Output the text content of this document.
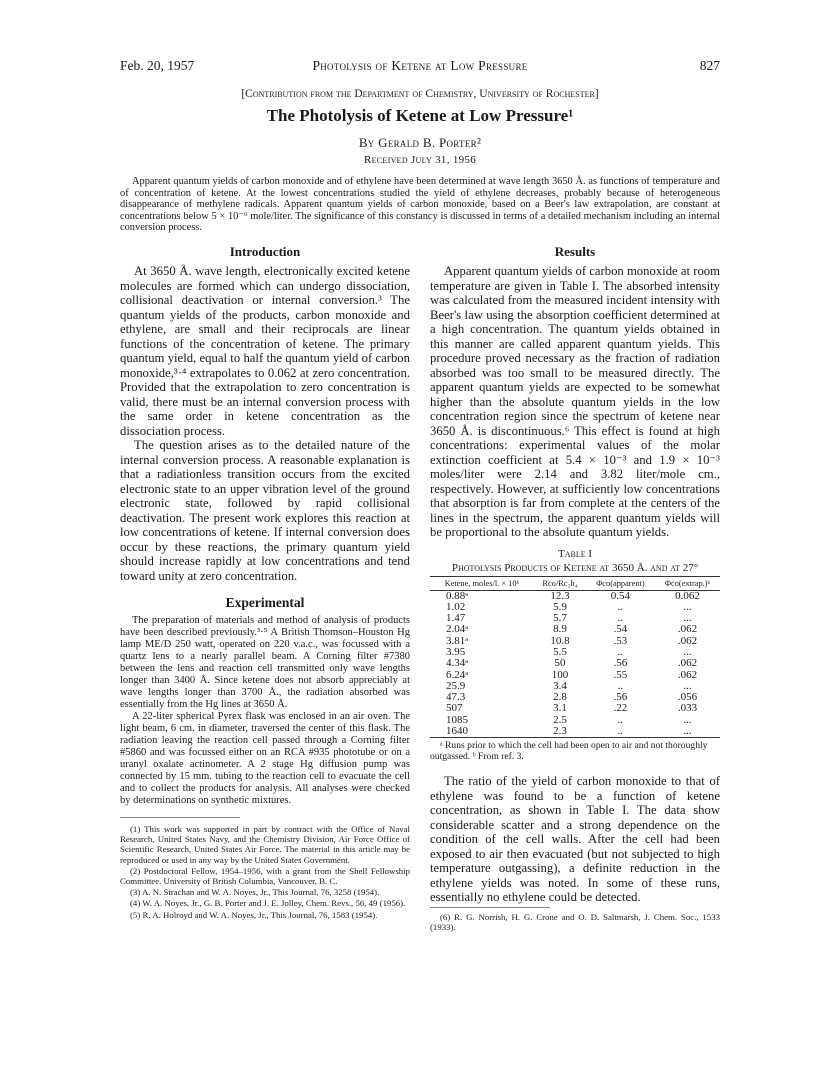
Feb. 20, 1957	Photolysis of Ketene at Low Pressure	827
[Contribution from the Department of Chemistry, University of Rochester]
The Photolysis of Ketene at Low Pressure¹
By Gerald B. Porter²
Received July 31, 1956

Apparent quantum yields of carbon monoxide and of ethylene have been determined at wave length 3650 Å. as functions of temperature and of concentration of ketene. At the lowest concentrations studied the yield of ethylene decreases, probably because of heterogeneous disappearance of methylene radicals. Apparent quantum yields of carbon monoxide, based on a Beer's law extrapolation, are constant at concentrations below 5 × 10⁻⁶ mole/liter. The significance of this constancy is discussed in terms of a detailed mechanism including an internal conversion process.

Introduction

At 3650 Å. wave length, electronically excited ketene molecules are formed which can undergo dissociation, collisional deactivation or internal conversion.³ The quantum yields of the products, carbon monoxide and ethylene, are small and their reciprocals are linear functions of the concentration of ketene. The primary quantum yield, equal to half the quantum yield of carbon monoxide,³·⁴ extrapolates to 0.062 at zero concentration. Provided that the extrapolation to zero concentration is valid, there must be an internal conversion process with the same order in ketene concentration as the dissociation process.

The question arises as to the detailed nature of the internal conversion process. A reasonable explanation is that a radiationless transition occurs from the excited electronic state to an upper vibration level of the ground electronic state, followed by rapid collisional deactivation. The present work explores this reaction at low concentrations of ketene. If internal conversion does occur by these reactions, the primary quantum yield should increase rapidly at low concentrations and tend toward unity at zero concentration.

Experimental

The preparation of materials and method of analysis of products have been described previously.³·⁵ A British Thomson–Houston Hg lamp ME/D 250 watt, operated on 220 v.a.c., was focussed with a quartz lens to a nearly parallel beam. A Corning filter #7380 between the lens and reaction cell transmitted only wave lengths longer than 3400 Å. Since ketene does not absorb appreciably at wave lengths longer than 3700 Å., the radiation absorbed was essentially from the Hg lines at 3650 Å.

A 22-liter spherical Pyrex flask was enclosed in an air oven. The light beam, 6 cm. in diameter, traversed the center of this flask. The radiation leaving the reaction cell passed through a Corning filter #5860 and was focussed either on an RCA #935 phototube or on a uranyl oxalate actinometer. A 2 stage Hg diffusion pump was connected by 15 mm. tubing to the reaction cell to evacuate the cell and to collect the products for analysis. All analyses were checked by determinations on synthetic mixtures.

(1) This work was supported in part by contract with the Office of Naval Research, United States Navy, and the Chemistry Division, Air Force Office of Scientific Research, United States Air Force. The material in this article may be reproduced or used in any way by the United States Government.

(2) Postdoctoral Fellow, 1954–1956, with a grant from the Shell Fellowship Committee. University of British Columbia, Vancouver, B. C.

(3) A. N. Strachan and W. A. Noyes, Jr., This Journal, 76, 3258 (1954).

(4) W. A. Noyes, Jr., G. B. Porter and J. E. Jolley, Chem. Revs., 56, 49 (1956).

(5) R. A. Holroyd and W. A. Noyes, Jr., This Journal, 76, 1583 (1954).

Results

Apparent quantum yields of carbon monoxide at room temperature are given in Table I. The absorbed intensity was calculated from the measured incident intensity with Beer's law using the absorption coefficient determined at a high concentration. The quantum yields obtained in this manner are called apparent quantum yields. This procedure proved necessary as the fraction of radiation absorbed was too small to be measured directly. The apparent quantum yields are expected to be somewhat higher than the absolute quantum yields in the low concentration region since the spectrum of ketene near 3650 Å. is discontinuous.⁶ This effect is found at high concentrations: experimental values of the molar extinction coefficient at 5.4 × 10⁻³ and 1.9 × 10⁻³ moles/liter were 2.14 and 3.82 liter/mole cm., respectively. However, at sufficiently low concentrations that absorption is far from complete at the centers of the lines in the spectrum, the apparent quantum yields will be proportional to the absolute quantum yields.

Table I
Photolysis Products of Ketene at 3650 Å. and at 27°
Ketene, moles/l. × 10⁶	Rco/Rc₂h₄	Φco(apparent)	Φco(extrap.)ᵇ
0.88ᵃ	12.3	0.54	0.062
1.02	5.9	..	...
1.47	5.7	..	...
2.04ᵃ	8.9	.54	.062
3.81ᵃ	10.8	.53	.062
3.95	5.5	..	...
4.34ᵃ	50	.56	.062
6.24ᵃ	100	.55	.062
25.9	3.4	..	...
47.3	2.8	.56	.056
507	3.1	.22	.033
1085	2.5	..	...
1640	2.3	..	...

ᵃ Runs prior to which the cell had been open to air and not thoroughly outgassed. ᵇ From ref. 3.

The ratio of the yield of carbon monoxide to that of ethylene was found to be a function of ketene concentration, as shown in Table I. The data show considerable scatter and a strong dependence on the condition of the cell walls. After the cell had been exposed to air then evacuated (but not subjected to high temperature outgassing), a definite reduction in the ethylene yields was noted. In some of these runs, essentially no ethylene could be detected.

(6) R. G. Norrish, H. G. Crone and O. D. Saltmarsh, J. Chem. Soc., 1533 (1933).
